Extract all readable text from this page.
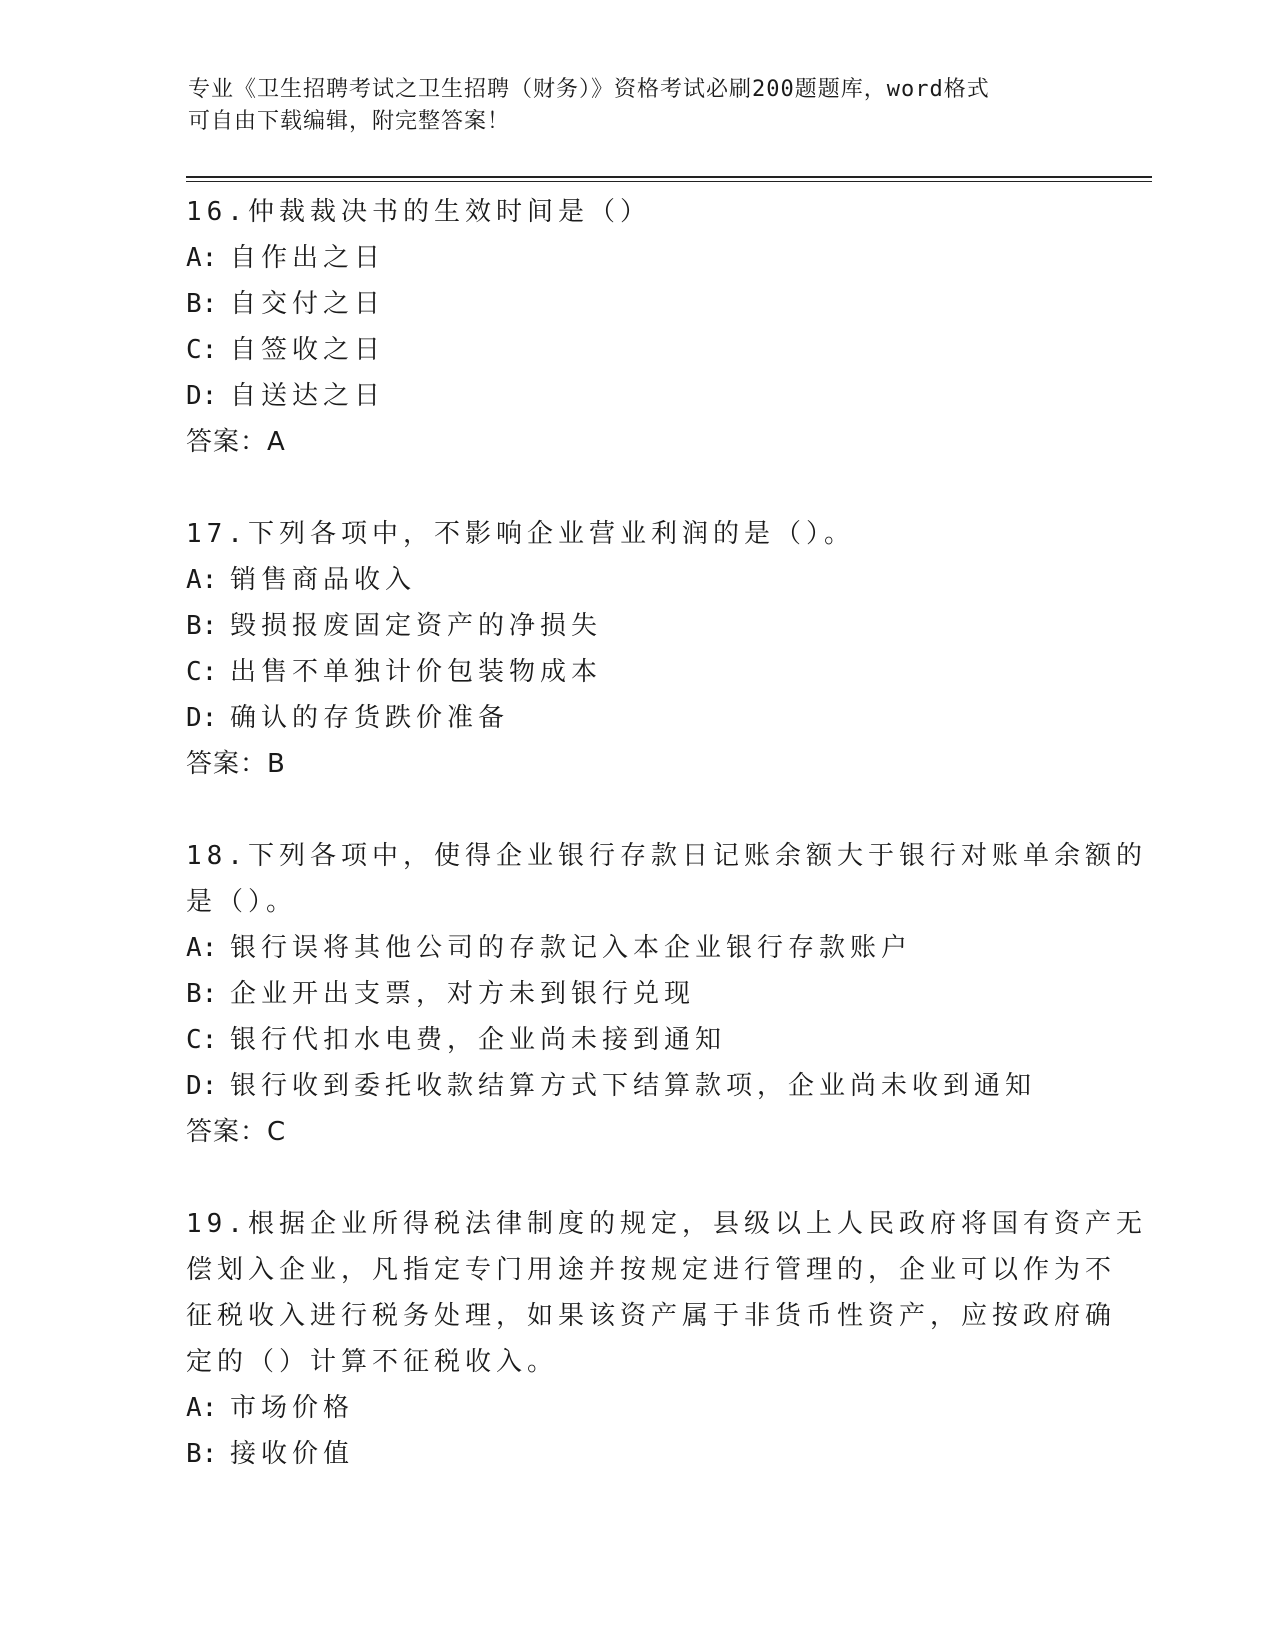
专业《卫生招聘考试之卫生招聘（财务）》资格考试必刷200题题库，word格式
可自由下载编辑，附完整答案！
16.仲裁裁决书的生效时间是（）
A: 自作出之日
B: 自交付之日
C: 自签收之日
D: 自送达之日
答案：A
17.下列各项中，不影响企业营业利润的是（）。
A: 销售商品收入
B: 毁损报废固定资产的净损失
C: 出售不单独计价包装物成本
D: 确认的存货跌价准备
答案：B
18.下列各项中，使得企业银行存款日记账余额大于银行对账单余额的
是（）。
A: 银行误将其他公司的存款记入本企业银行存款账户
B: 企业开出支票，对方未到银行兑现
C: 银行代扣水电费，企业尚未接到通知
D: 银行收到委托收款结算方式下结算款项，企业尚未收到通知
答案：C
19.根据企业所得税法律制度的规定，县级以上人民政府将国有资产无
偿划入企业，凡指定专门用途并按规定进行管理的，企业可以作为不
征税收入进行税务处理，如果该资产属于非货币性资产，应按政府确
定的（）计算不征税收入。
A: 市场价格
B: 接收价值
